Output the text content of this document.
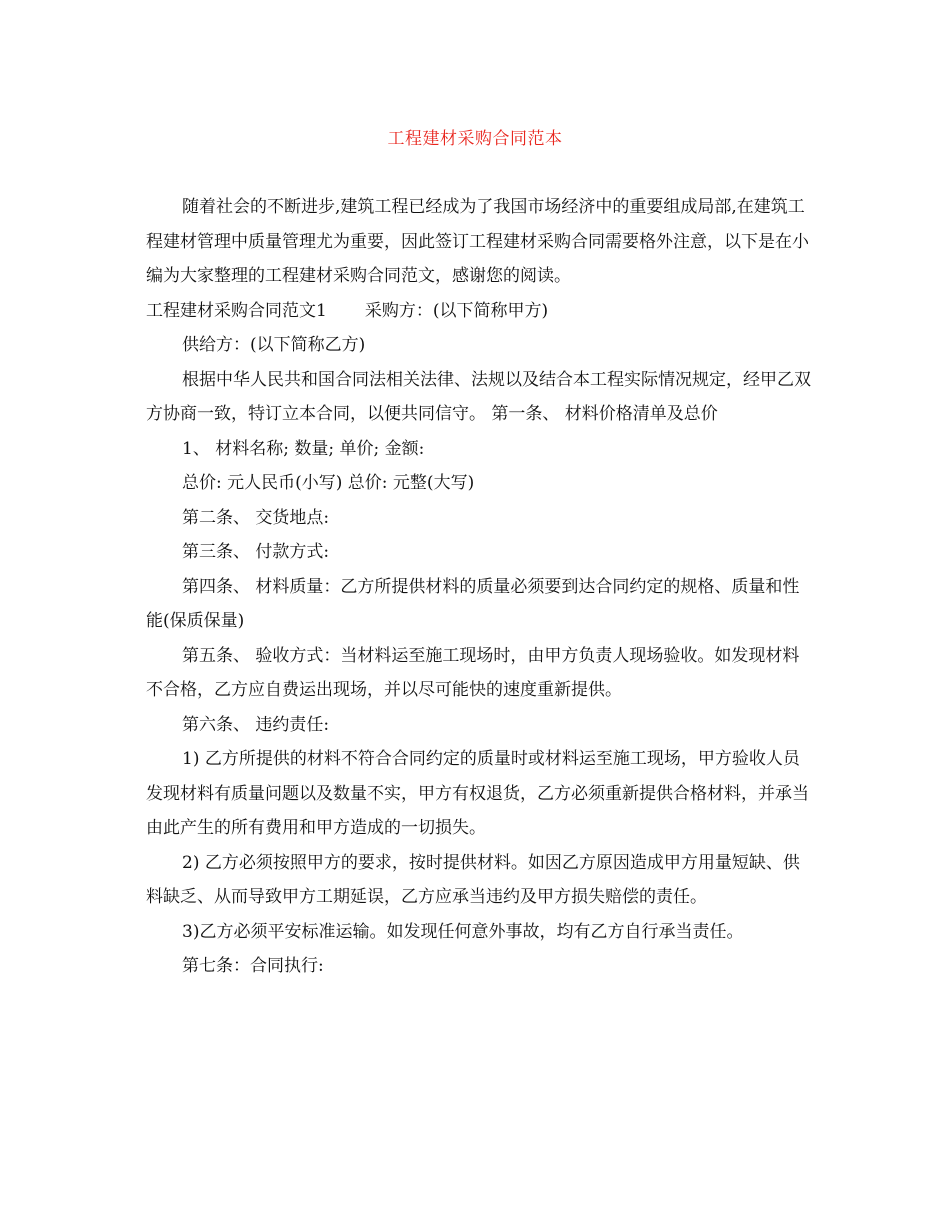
工程建材采购合同范本

随着社会的不断进步,建筑工程已经成为了我国市场经济中的重要组成局部,在建筑工程建材管理中质量管理尤为重要，因此签订工程建材采购合同需要格外注意，以下是在小编为大家整理的工程建材采购合同范文，感谢您的阅读。

工程建材采购合同范文1 采购方：(以下简称甲方)

供给方：(以下简称乙方)

根据中华人民共和国合同法相关法律、法规以及结合本工程实际情况规定，经甲乙双方协商一致，特订立本合同，以便共同信守。 第一条、 材料价格清单及总价

1、 材料名称; 数量; 单价; 金额:

总价: 元人民币(小写) 总价: 元整(大写)

第二条、 交货地点:

第三条、 付款方式:

第四条、 材料质量：乙方所提供材料的质量必须要到达合同约定的规格、质量和性能(保质保量)

第五条、 验收方式：当材料运至施工现场时，由甲方负责人现场验收。如发现材料不合格，乙方应自费运出现场，并以尽可能快的速度重新提供。

第六条、 违约责任:

1) 乙方所提供的材料不符合合同约定的质量时或材料运至施工现场，甲方验收人员发现材料有质量问题以及数量不实，甲方有权退货，乙方必须重新提供合格材料，并承当由此产生的所有费用和甲方造成的一切损失。

2) 乙方必须按照甲方的要求，按时提供材料。如因乙方原因造成甲方用量短缺、供料缺乏、从而导致甲方工期延误，乙方应承当违约及甲方损失赔偿的责任。

3)乙方必须平安标准运输。如发现任何意外事故，均有乙方自行承当责任。

第七条：合同执行:
